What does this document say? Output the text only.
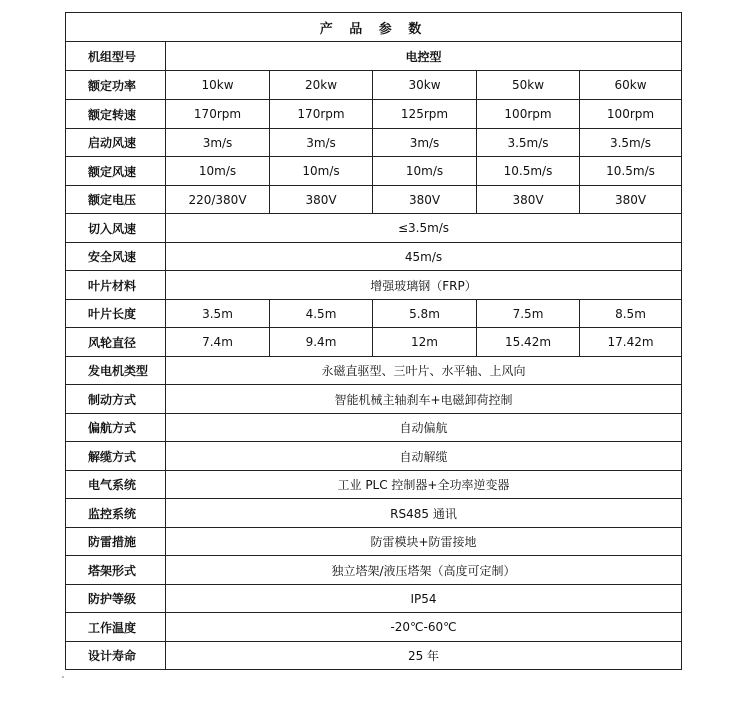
产 品 参 数					
机组型号	电控型				
额定功率	10kw	20kw	30kw	50kw	60kw
额定转速	170rpm	170rpm	125rpm	100rpm	100rpm
启动风速	3m/s	3m/s	3m/s	3.5m/s	3.5m/s
额定风速	10m/s	10m/s	10m/s	10.5m/s	10.5m/s
额定电压	220/380V	380V	380V	380V	380V
切入风速	≤3.5m/s				
安全风速	45m/s				
叶片材料	增强玻璃钢（FRP）				
叶片长度	3.5m	4.5m	5.8m	7.5m	8.5m
风轮直径	7.4m	9.4m	12m	15.42m	17.42m
发电机类型	永磁直驱型、三叶片、水平轴、上风向				
制动方式	智能机械主轴刹车+电磁卸荷控制				
偏航方式	自动偏航				
解缆方式	自动解缆				
电气系统	工业 PLC 控制器+全功率逆变器				
监控系统	RS485 通讯				
防雷措施	防雷模块+防雷接地				
塔架形式	独立塔架/液压塔架（高度可定制）				
防护等级	IP54				
工作温度	-20℃-60℃				
设计寿命	25 年				
